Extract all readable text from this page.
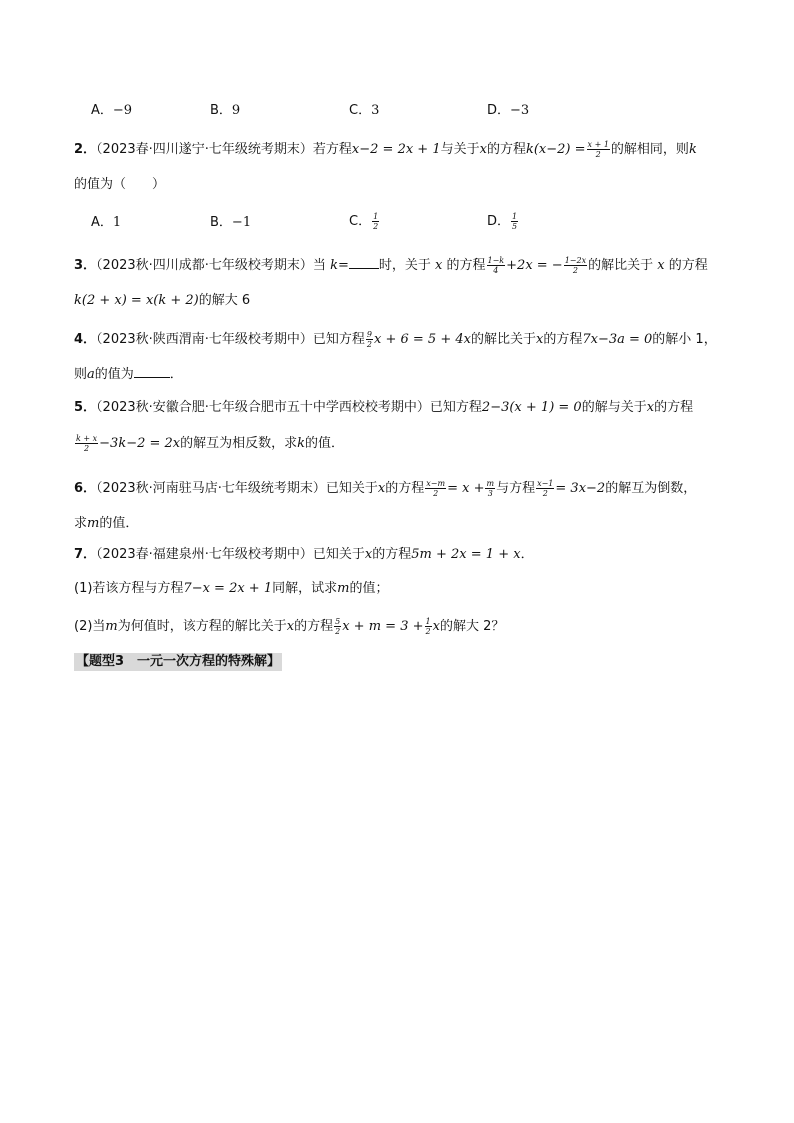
A．−9	B．9	C．3	D．−3
2．（2023春·四川遂宁·七年级统考期末）若方程x−2 = 2x + 1与关于x的方程$k(x-2) = \frac{x + 1}{2}$ 的解相同，则k
的值为（　　）
A．1	B．−1	C． $\frac{1}{2}$	D． $\frac{1}{5}$
3．（2023秋·四川成都·七年级校考期末）当 k= 时，关于 x 的方程 $\frac{1-k}{4} +2x$ = − $\frac{1-2x}{2}$ 的解比关于 x 的方程
k(2 + x) = x(k + 2)的解大 6
4．（2023秋·陕西渭南·七年级校考期中）已知方程 $\frac{9}{2}$ x + 6 = 5 + 4x的解比关于x的方程7x−3a = 0的解小 1，
则a的值为	．
5．（2023秋·安徽合肥·七年级合肥市五十中学西校校考期中）已知方程2−3(x + 1) = 0的解与关于x的方程
$\frac{k + x}{2} -3k-2 = 2x$的解互为相反数，求k的值．
6．（2023秋·河南驻马店·七年级统考期末）已知关于x的方程 $\frac{x-m}{2} = x + \frac{m}{3}$ 与方程 $\frac{x-1}{2} = 3x-2$的解互为倒数，
求m的值．
7．（2023春·福建泉州·七年级校考期中）已知关于x的方程5m + 2x = 1 + x．
(1)若该方程与方程7−x = 2x + 1同解，试求m的值；
(2)当m为何值时，该方程的解比关于x的方程 $\frac{5}{2}$ $x + m = 3 + \frac{1}{2}$ x的解大 2？
【题型3　一元一次方程的特殊解】
